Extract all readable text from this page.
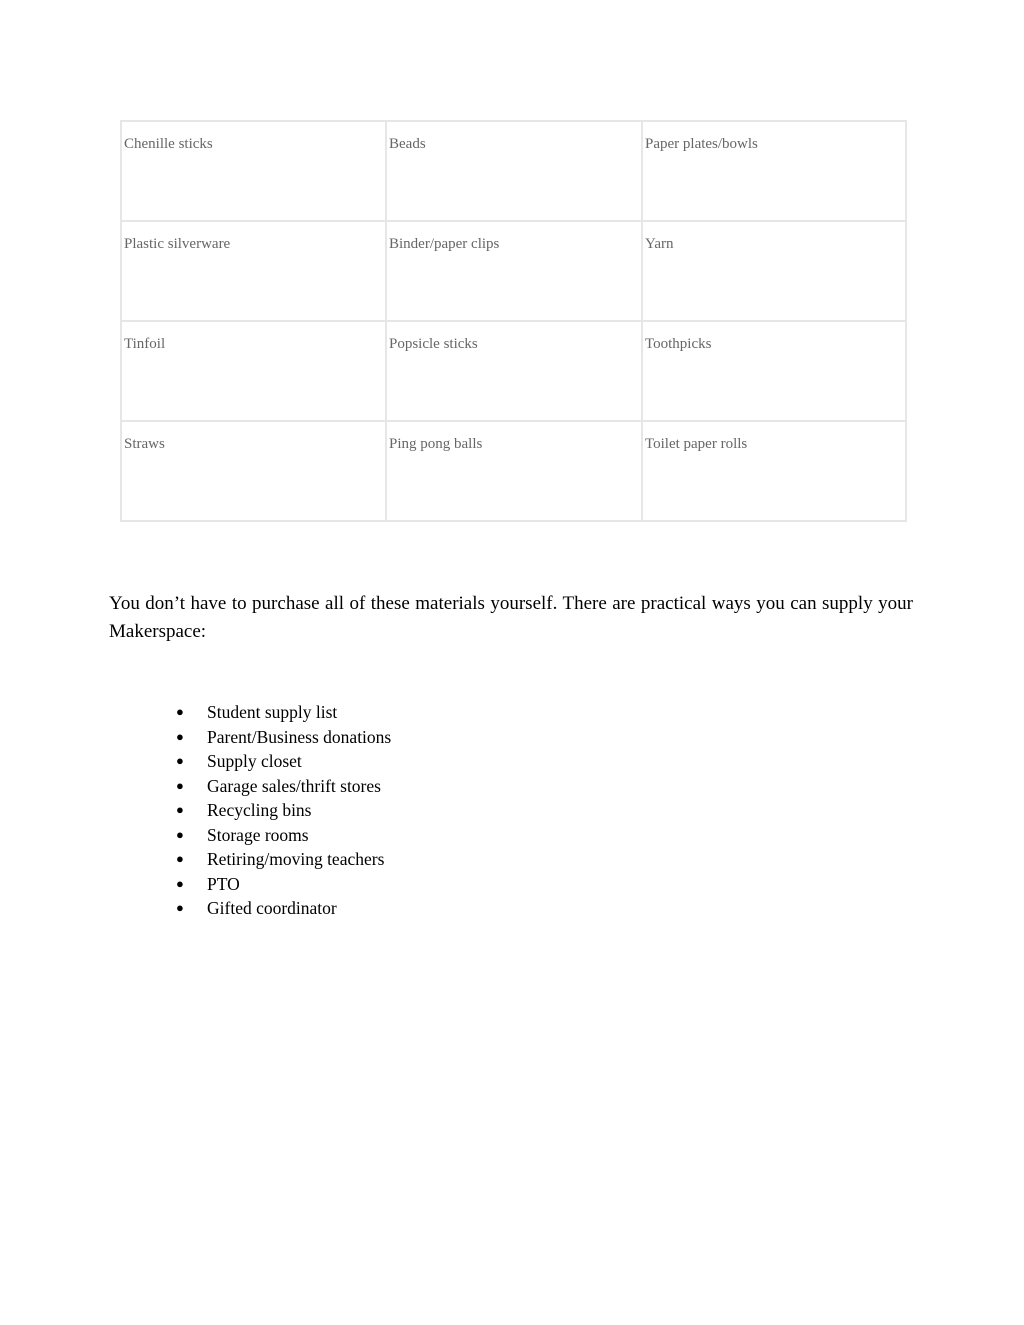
Chenille sticks	Beads	Paper plates/bowls
Plastic silverware	Binder/paper clips	Yarn
Tinfoil	Popsicle sticks	Toothpicks
Straws	Ping pong balls	Toilet paper rolls

You don’t have to purchase all of these materials yourself. There are practical ways you can supply your Makerspace:

● Student supply list
● Parent/Business donations
● Supply closet
● Garage sales/thrift stores
● Recycling bins
● Storage rooms
● Retiring/moving teachers
● PTO
● Gifted coordinator
